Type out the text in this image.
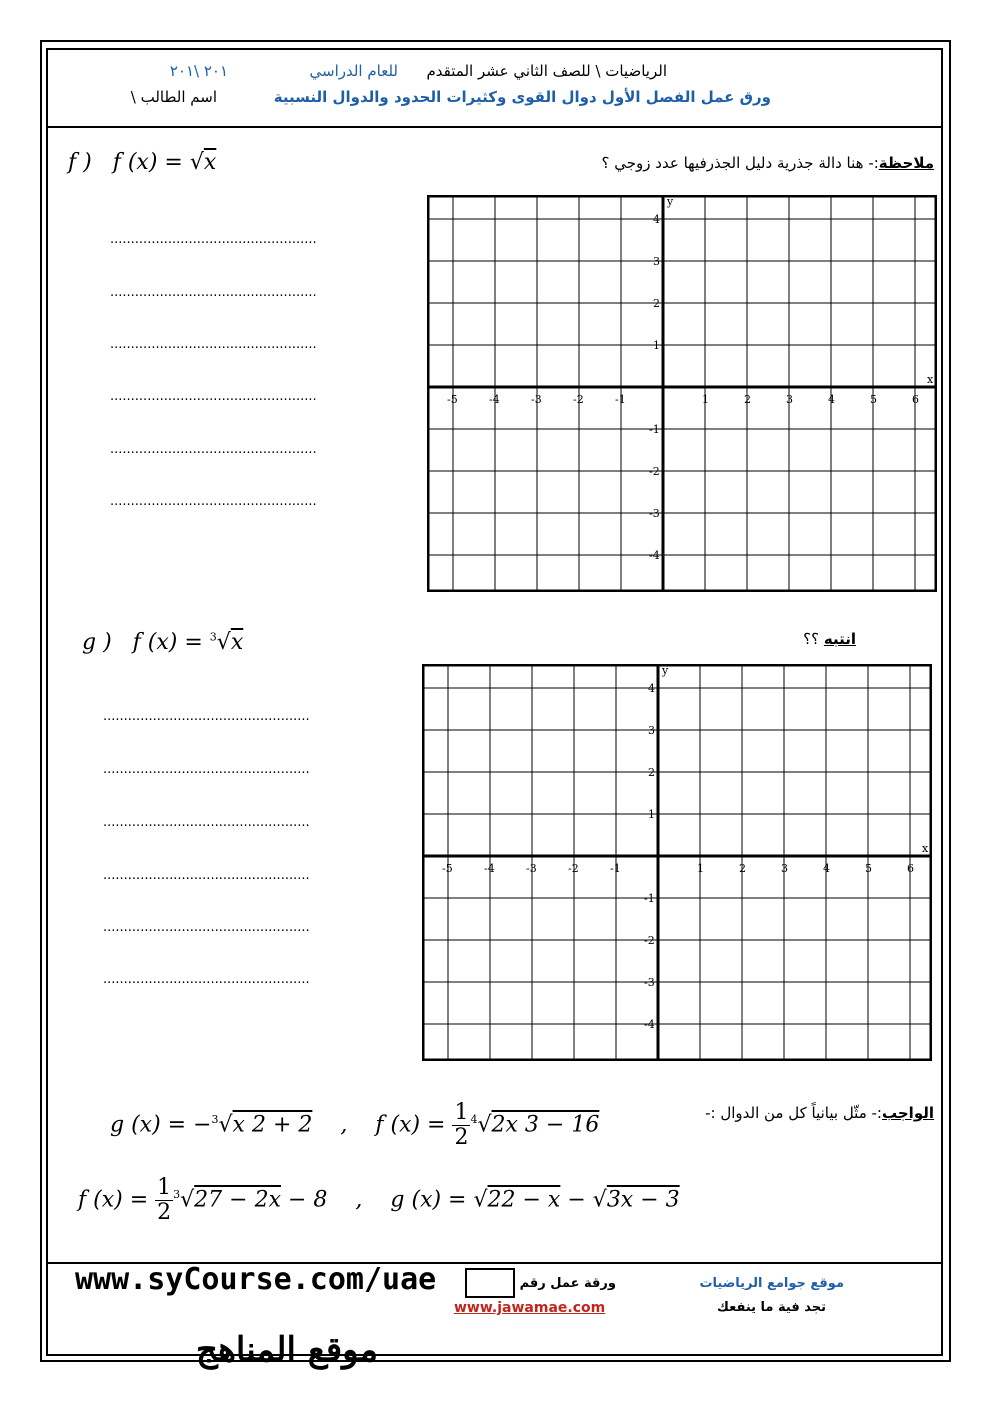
الرياضيات \ للصف الثاني عشر المتقدم
للعام الدراسي
٢٠١ \٢٠١
ورق عمل الفصل الأول دوال القوى وكثيرات الحدود والدوال النسبية
اسم الطالب \
f ) f (x) = √x	ملاحظة:- هنا دالة جذرية دليل الجذرفيها عدد زوجي ؟
..................................................
..................................................
..................................................
..................................................
..................................................
..................................................
-5	-4	-3	-2	-1	1	2	3	4	5	6
4
3
2
1
-1
-2
-3
-4
x
y
g ) f (x) = $^3$√x	انتبه ؟؟
..................................................
..................................................
..................................................
..................................................
..................................................
..................................................
-5	-4	-3	-2	-1	1	2	3	4	5	6
4
3
2
1
-1
-2
-3
-4
x
y
الواجب:- مثّل بيانياً كل من الدوال :-
g (x) = −$^3$√x 2 + 2 , f $(x) = \frac{1}{2} ^4√2x$ 3 − 16
f $(x) = \frac{1}{2} ^3√27 - 2x - 8$ , g (x) = √22 − x − √3x − 3
موقع جوامع الرياضيات
تجد فية ما ينفعك
ورقة عمل رقم
www.jawamae.com
www.syCourse.com/uae
موقع المناهج
